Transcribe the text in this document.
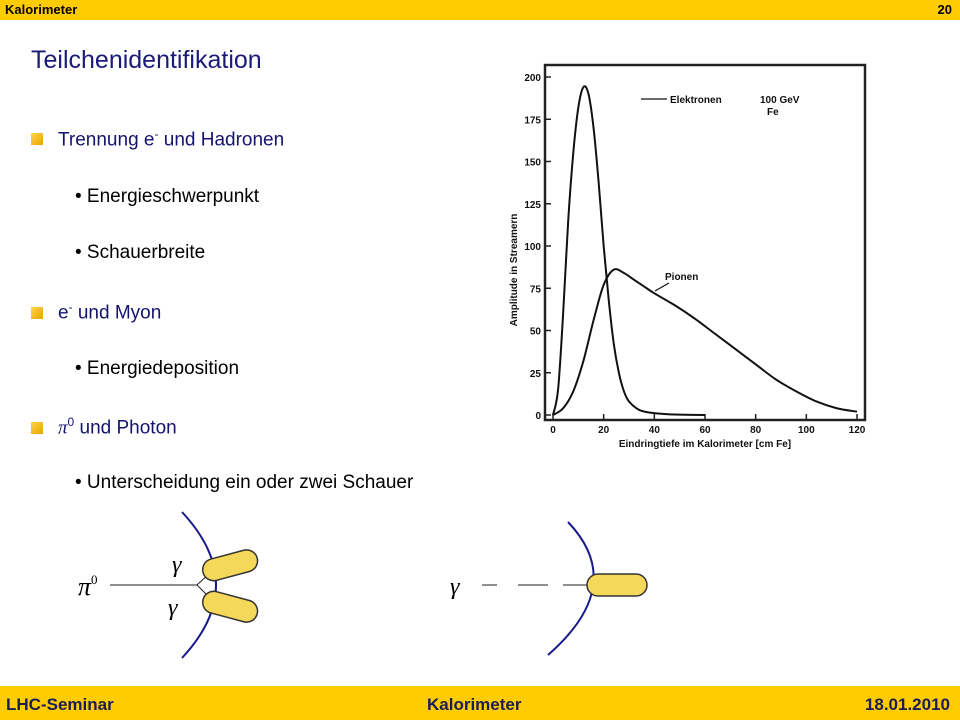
Kalorimeter	20
Teilchenidentifikation
Trennung e- und Hadronen
• Energieschwerpunkt
• Schauerbreite
e- und Myon
• Energiedeposition
$\pi^0$ und Photon
• Unterscheidung ein oder zwei Schauer
0
25
50
75
100
125
150
175
200
0	20	40	60	80	100	120
100 GeV Fe
Elektronen
Pionen
Amplitude in Streamern
Eindringtiefe im Kalorimeter [cm Fe]
$\pi^0$
γ
γ
γ
LHC-Seminar	Kalorimeter	18.01.2010
